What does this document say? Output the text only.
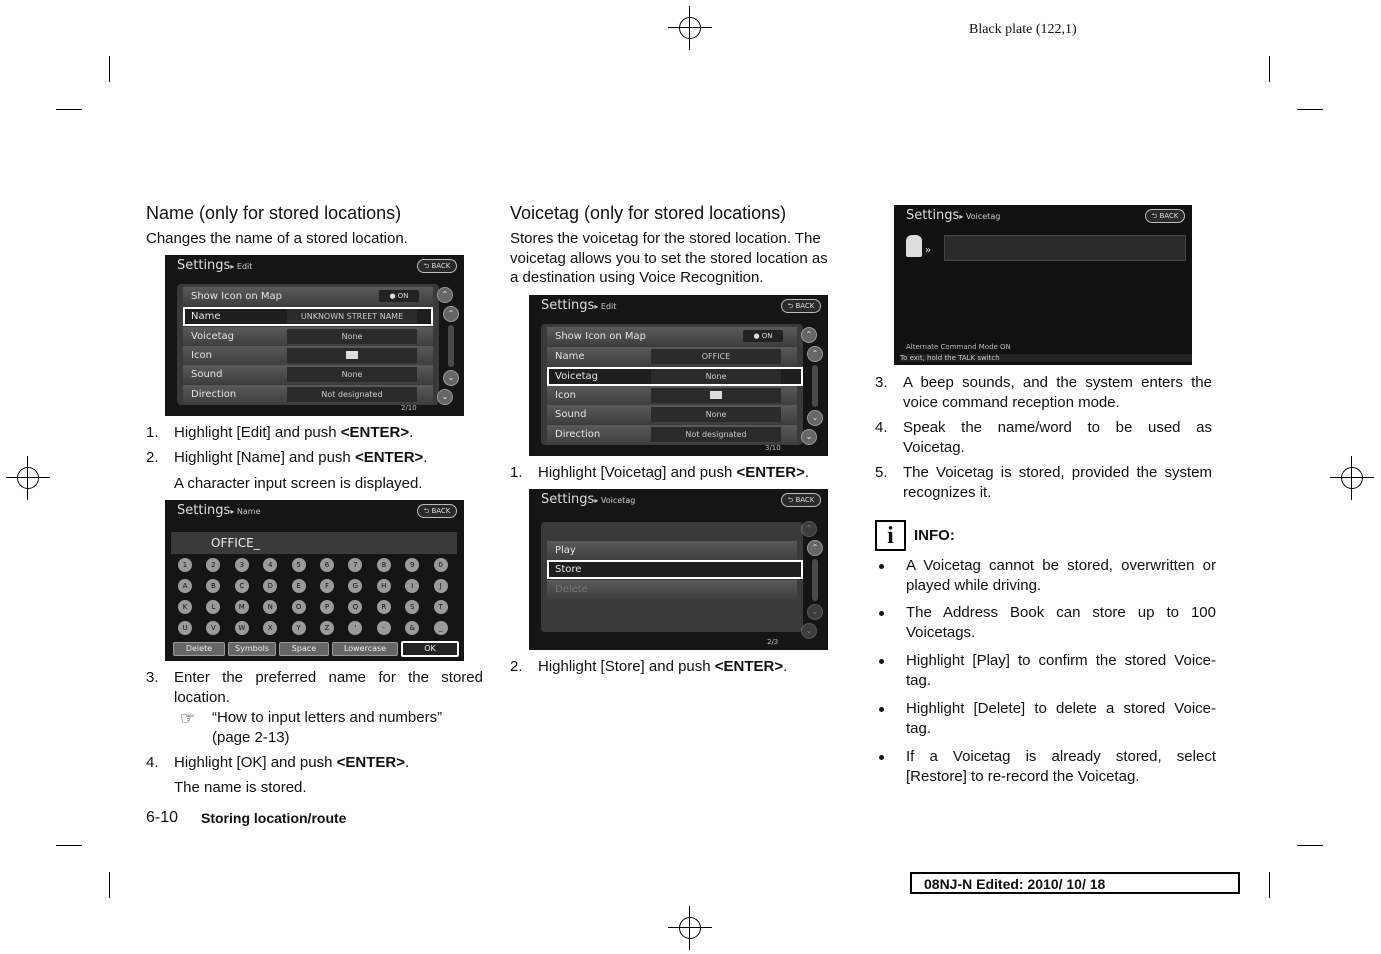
Black plate (122,1)
Name (only for stored locations)
Changes the name of a stored location.
Settings▸ Edit	⮌ BACK
Show Icon on Map	● ON
Name	UNKNOWN STREET NAME
Voicetag	None
Icon
Sound	None
Direction	Not designated
⌃
⌃
⌄
⌄
2/10
1. Highlight [Edit] and push <ENTER>.
2. Highlight [Name] and push <ENTER>.
A character input screen is displayed.
Settings▸ Name	⮌ BACK
OFFICE_
1	2	3	4	5	6	7	8	9	0
A	B	C	D	E	F	G	H	I	J
K	L	M	N	O	P	Q	R	S	T
U	V	W	X	Y	Z	'	-	&	_
Delete	Symbols	Space	Lowercase	OK
3. Enter the preferred name for the stored
location.
☞ “How to input letters and numbers”
(page 2-13)
4. Highlight [OK] and push <ENTER>.
The name is stored.
6-10 Storing location/route
Voicetag (only for stored locations)
Stores the voicetag for the stored location. The
voicetag allows you to set the stored location as
a destination using Voice Recognition.
Settings▸ Edit	⮌ BACK
Show Icon on Map	● ON
Name	OFFICE
Voicetag	None
Icon
Sound	None
Direction	Not designated
⌃
⌃
⌄
⌄
3/10
1. Highlight [Voicetag] and push <ENTER>.
Settings▸ Voicetag	⮌ BACK
Play
Store
Delete
⌃
⌃
⌄
⌄
2/3
2. Highlight [Store] and push <ENTER>.
Settings▸ Voicetag	⮌ BACK
»
Alternate Command Mode ON
To exit, hold the TALK switch
3. A beep sounds, and the system enters the
voice command reception mode.
4. Speak the name/word to be used as
Voicetag.
5. The Voicetag is stored, provided the system
recognizes it.
i	INFO:
A Voicetag cannot be stored, overwritten or
played while driving.
The Address Book can store up to 100
Voicetags.
Highlight [Play] to confirm the stored Voice-
tag.
Highlight [Delete] to delete a stored Voice-
tag.
If a Voicetag is already stored, select
[Restore] to re-record the Voicetag.
08NJ-N Edited: 2010/ 10/ 18
